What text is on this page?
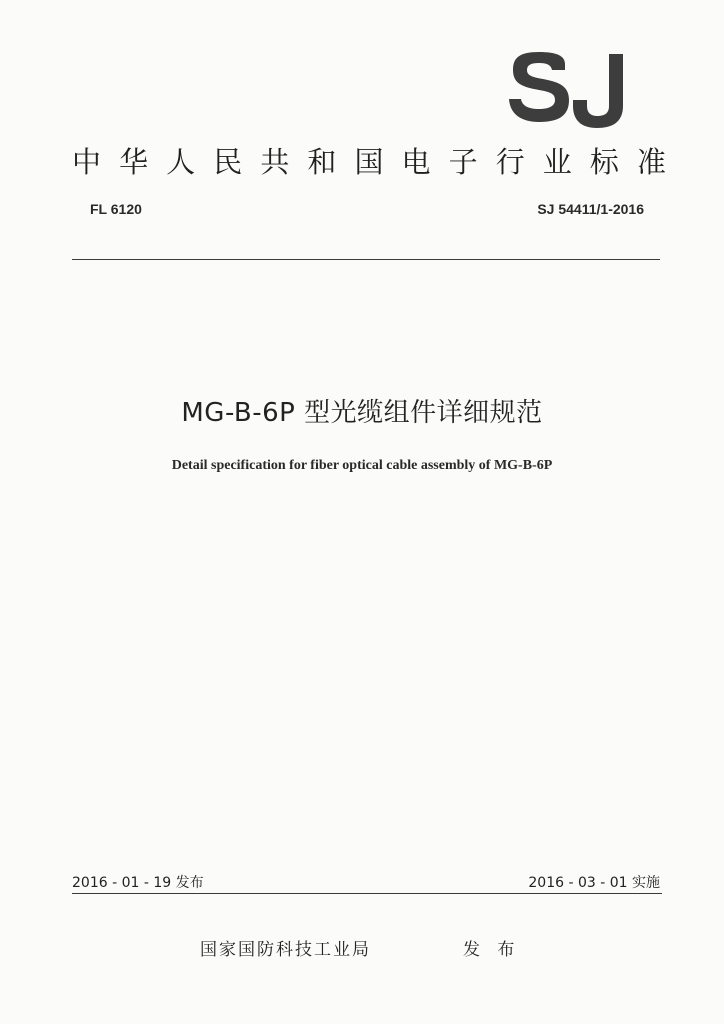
中 华 人 民 共 和 国 电 子 行 业 标 准
FL 6120	SJ 54411/1-2016
MG-B-6P 型光缆组件详细规范
Detail specification for fiber optical cable assembly of MG-B-6P
2016 - 01 - 19 发布	2016 - 03 - 01 实施
国家国防科技工业局	发 布
